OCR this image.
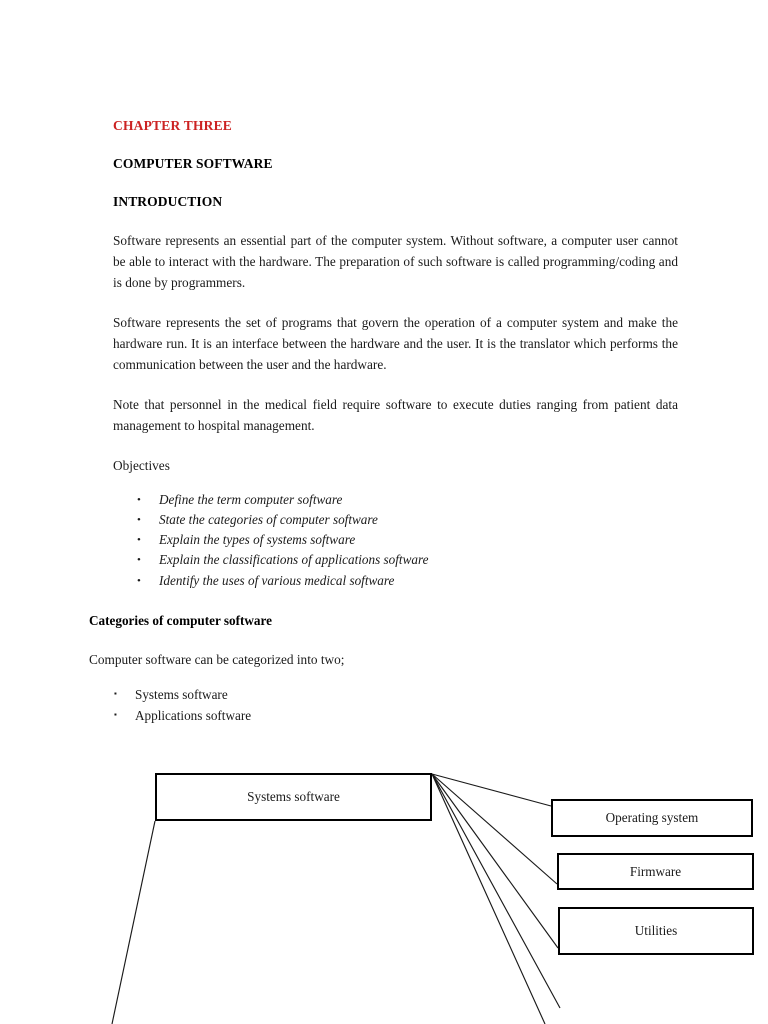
CHAPTER THREE
COMPUTER SOFTWARE
INTRODUCTION

Software represents an essential part of the computer system. Without software, a computer user cannot be able to interact with the hardware. The preparation of such software is called programming/coding and is done by programmers.

Software represents the set of programs that govern the operation of a computer system and make the hardware run. It is an interface between the hardware and the user. It is the translator which performs the communication between the user and the hardware.

Note that personnel in the medical field require software to execute duties ranging from patient data management to hospital management.

Objectives
• Define the term computer software
• State the categories of computer software
• Explain the types of systems software
• Explain the classifications of applications software
• Identify the uses of various medical software
Categories of computer software
Computer software can be categorized into two;
▪ Systems software
▪ Applications software
Systems software
Operating system
Firmware
Utilities
